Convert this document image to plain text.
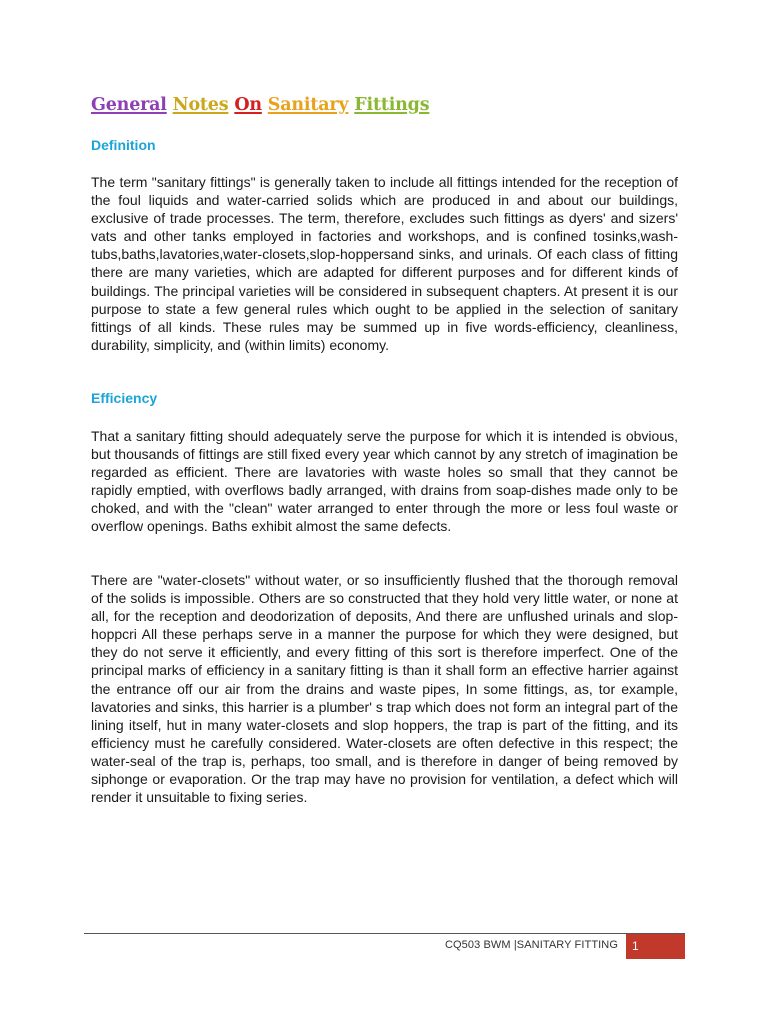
General Notes On Sanitary Fittings
Definition

The term "sanitary fittings" is generally taken to include all fittings intended for the reception of the foul liquids and water-carried solids which are produced in and about our buildings, exclusive of trade processes. The term, therefore, excludes such fittings as dyers' and sizers' vats and other tanks employed in factories and workshops, and is confined tosinks,wash-tubs,baths,lavatories,water-closets,slop-hoppersand sinks, and urinals. Of each class of fitting there are many varieties, which are adapted for different purposes and for different kinds of buildings. The principal varieties will be considered in subsequent chapters. At present it is our purpose to state a few general rules which ought to be applied in the selection of sanitary fittings of all kinds. These rules may be summed up in five words-efficiency, cleanliness, durability, simplicity, and (within limits) economy.

Efficiency

That a sanitary fitting should adequately serve the purpose for which it is intended is obvious, but thousands of fittings are still fixed every year which cannot by any stretch of imagination be regarded as efficient. There are lavatories with waste holes so small that they cannot be rapidly emptied, with overflows badly arranged, with drains from soap-dishes made only to be choked, and with the "clean" water arranged to enter through the more or less foul waste or overflow openings. Baths exhibit almost the same defects.

There are "water-closets" without water, or so insufficiently flushed that the thorough removal of the solids is impossible. Others are so constructed that they hold very little water, or none at all, for the reception and deodorization of deposits, And there are unflushed urinals and slop-hoppcri All these perhaps serve in a manner the purpose for which they were designed, but they do not serve it efficiently, and every fitting of this sort is therefore imperfect. One of the principal marks of efficiency in a sanitary fitting is than it shall form an effective harrier against the entrance off our air from the drains and waste pipes, In some fittings, as, tor example, lavatories and sinks, this harrier is a plumber' s trap which does not form an integral part of the lining itself, hut in many water-closets and slop hoppers, the trap is part of the fitting, and its efficiency must he carefully considered. Water-closets are often defective in this respect; the water-seal of the trap is, perhaps, too small, and is therefore in danger of being removed by siphonge or evaporation. Or the trap may have no provision for ventilation, a defect which will render it unsuitable to fixing series.

CQ503 BWM |SANITARY FITTING	1
